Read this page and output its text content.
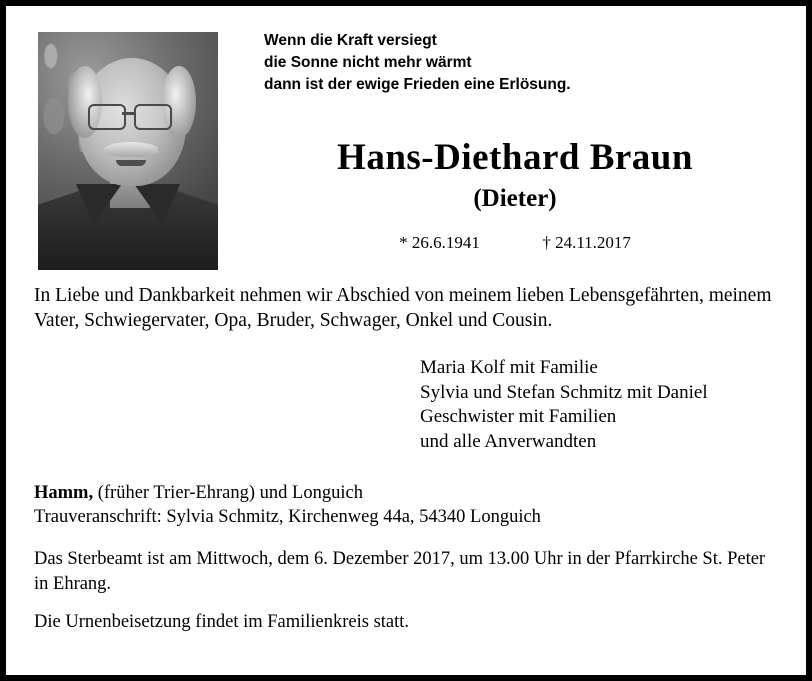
Wenn die Kraft versiegt
die Sonne nicht mehr wärmt
dann ist der ewige Frieden eine Erlösung.
Hans-Diethard Braun
(Dieter)
* 26.6.1941	† 24.11.2017
In Liebe und Dankbarkeit nehmen wir Abschied von meinem lieben Lebensgefährten, meinem Vater, Schwiegervater, Opa, Bruder, Schwager, Onkel und Cousin.
Maria Kolf mit Familie
Sylvia und Stefan Schmitz mit Daniel
Geschwister mit Familien
und alle Anverwandten
Hamm, (früher Trier-Ehrang) und Longuich
Trauveranschrift: Sylvia Schmitz, Kirchenweg 44a, 54340 Longuich
Das Sterbeamt ist am Mittwoch, dem 6. Dezember 2017, um 13.00 Uhr in der Pfarrkirche St. Peter in Ehrang.
Die Urnenbeisetzung findet im Familienkreis statt.
